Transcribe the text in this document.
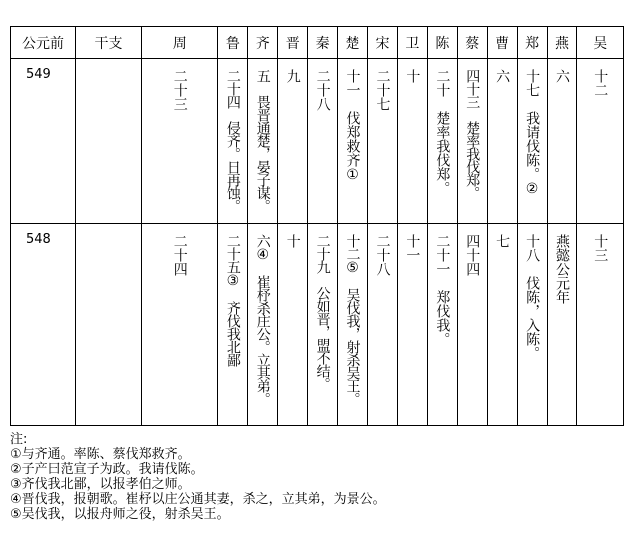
公元前	干支	周	鲁	齐	晋	秦	楚	宋	卫	陈	蔡	曹	郑	燕	吴
549		二十三	二十四　侵齐。日再蚀。	五　畏晋通楚，晏子谋。	九	二十八	十一　伐郑救齐①	二十七	十	二十　楚率我伐郑。	四十三　楚率我伐郑。	六	十七　我请伐陈。②	六	十二

548		二十四	二十五③　齐伐我北鄙	六④　崔杼杀庄公。立其弟。	十	二十九　公如晋，盟不结。	十二⑤　吴伐我，射杀吴王。	二十八	十一	二十一　郑伐我。	四十四	七	十八　伐陈，入陈。	燕懿公元年	十三
注:
①与齐通。率陈、蔡伐郑救齐。
②子产曰范宣子为政。我请伐陈。
③齐伐我北鄙，以报孝伯之师。
④晋伐我，报朝歌。崔杼以庄公通其妻，杀之，立其弟，为景公。
⑤吴伐我，以报舟师之役，射杀吴王。
